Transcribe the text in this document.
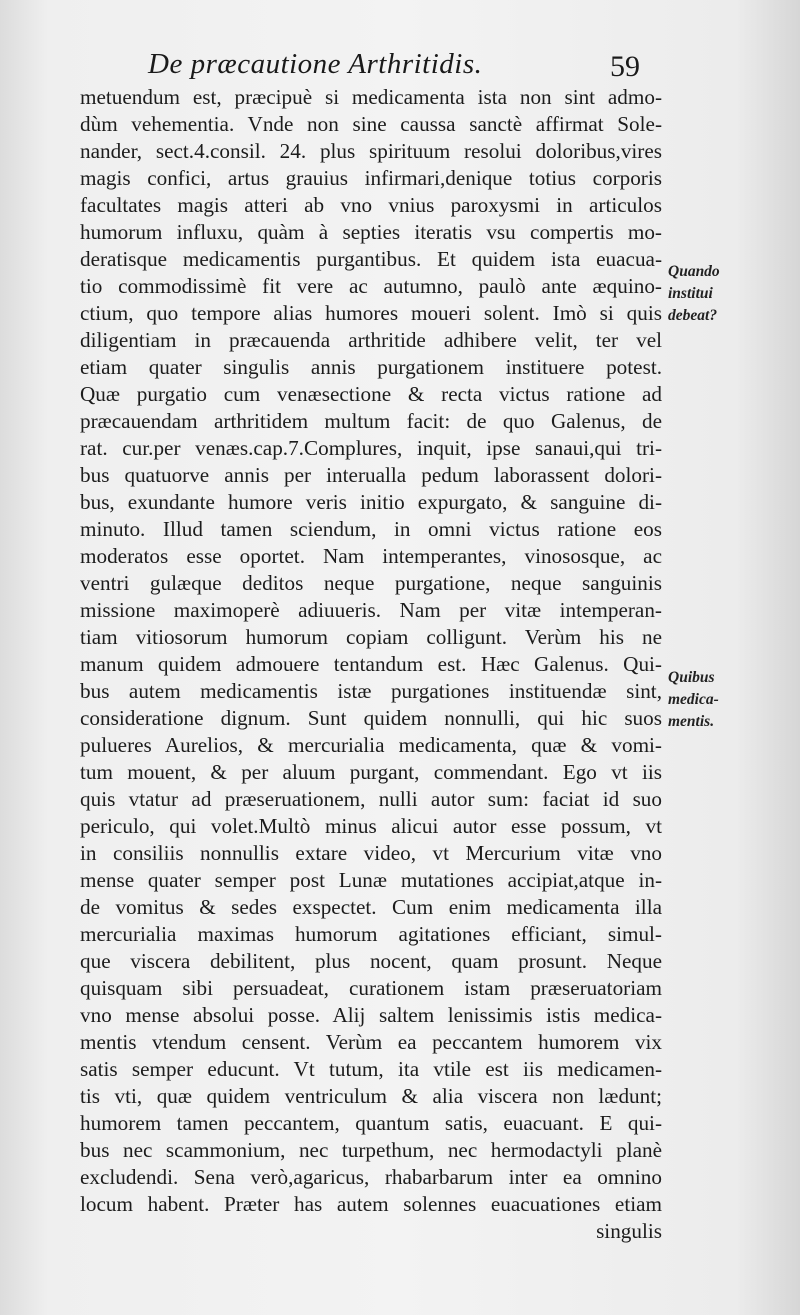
De præcautione Arthritidis.	59
metuendum est, præcipuè si medicamenta ista non sint admo-
dùm vehementia. Vnde non sine caussa sanctè affirmat Sole-
nander, sect.4.consil. 24. plus spirituum resolui doloribus,vires
magis confici, artus grauius infirmari,denique totius corporis
facultates magis atteri ab vno vnius paroxysmi in articulos
humorum influxu, quàm à septies iteratis vsu compertis mo-
deratisque medicamentis purgantibus. Et quidem ista euacua-
tio commodissimè fit vere ac autumno, paulò ante æquino-
ctium, quo tempore alias humores moueri solent. Imò si quis
diligentiam in præcauenda arthritide adhibere velit, ter vel
etiam quater singulis annis purgationem instituere potest.
Quæ purgatio cum venæsectione & recta victus ratione ad
præcauendam arthritidem multum facit: de quo Galenus, de
rat. cur.per venæs.cap.7.Complures, inquit, ipse sanaui,qui tri-
bus quatuorve annis per interualla pedum laborassent dolori-
bus, exundante humore veris initio expurgato, & sanguine di-
minuto. Illud tamen sciendum, in omni victus ratione eos
moderatos esse oportet. Nam intemperantes, vinososque, ac
ventri gulæque deditos neque purgatione, neque sanguinis
missione maximoperè adiuueris. Nam per vitæ intemperan-
tiam vitiosorum humorum copiam colligunt. Verùm his ne
manum quidem admouere tentandum est. Hæc Galenus. Qui-
bus autem medicamentis istæ purgationes instituendæ sint,
consideratione dignum. Sunt quidem nonnulli, qui hic suos
pulueres Aurelios, & mercurialia medicamenta, quæ & vomi-
tum mouent, & per aluum purgant, commendant. Ego vt iis
quis vtatur ad præseruationem, nulli autor sum: faciat id suo
periculo, qui volet.Multò minus alicui autor esse possum, vt
in consiliis nonnullis extare video, vt Mercurium vitæ vno
mense quater semper post Lunæ mutationes accipiat,atque in-
de vomitus & sedes exspectet. Cum enim medicamenta illa
mercurialia maximas humorum agitationes efficiant, simul-
que viscera debilitent, plus nocent, quam prosunt. Neque
quisquam sibi persuadeat, curationem istam præseruatoriam
vno mense absolui posse. Alij saltem lenissimis istis medica-
mentis vtendum censent. Verùm ea peccantem humorem vix
satis semper educunt. Vt tutum, ita vtile est iis medicamen-
tis vti, quæ quidem ventriculum & alia viscera non lædunt;
humorem tamen peccantem, quantum satis, euacuant. E qui-
bus nec scammonium, nec turpethum, nec hermodactyli planè
excludendi. Sena verò,agaricus, rhabarbarum inter ea omnino
locum habent. Præter has autem solennes euacuationes etiam
singulis
Quando
institui
debeat?
Quibus
medica-
mentis.
